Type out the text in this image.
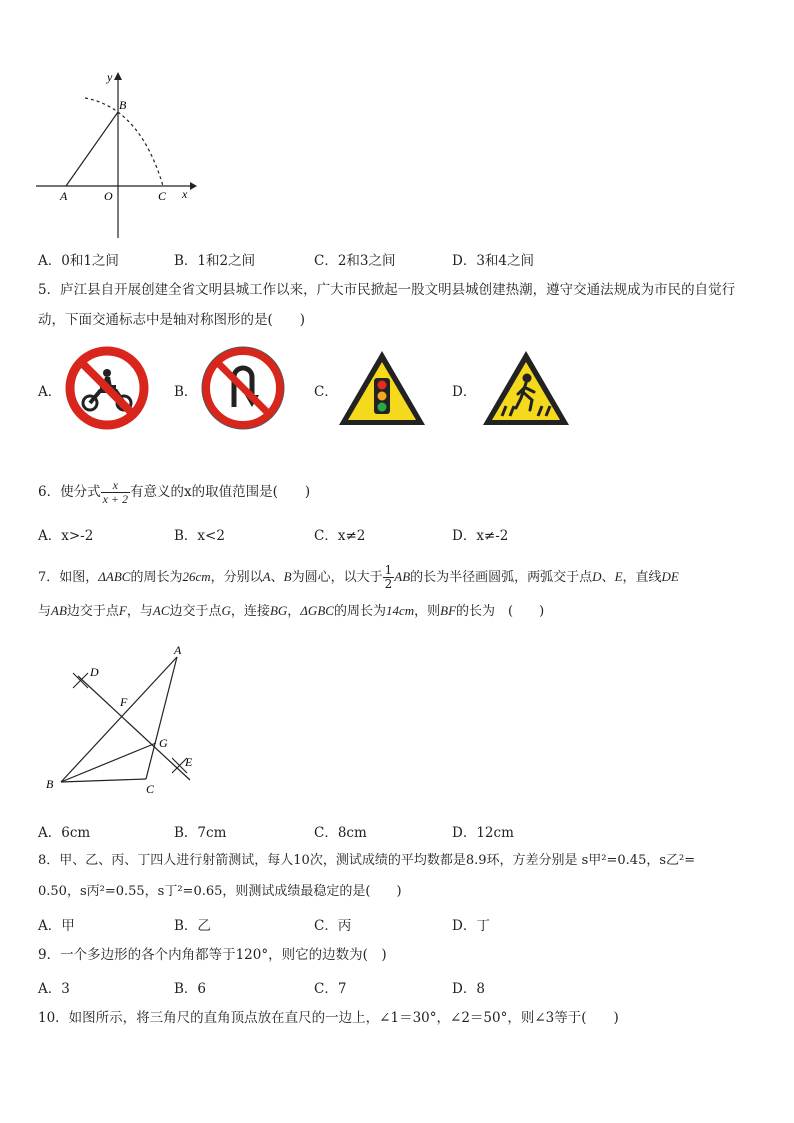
y
B
A	O	C x
A．0和1之间	B．1和2之间	C．2和3之间	D．3和4之间
5．庐江县自开展创建全省文明县城工作以来，广大市民掀起一股文明县城创建热潮，遵守交通法规成为市民的自觉行
动，下面交通标志中是轴对称图形的是(　　)
A．	B．	C．	D．
6．使分式 $\frac{x}{x + 2}$ 有意义的x的取值范围是(　　)
A．x>-2	B．x<2	C．x≠2	D．x≠-2
7．如图，ΔABC的周长为26cm，分别以A、B为圆心，以大于 $\frac{1}{2}$ AB的长为半径画圆弧，两弧交于点D、E，直线DE
与AB边交于点F，与AC边交于点G，连接BG，ΔGBC的周长为14cm，则BF的长为　(　　)
D
A
F
G
E
B	C
A．6cm	B．7cm	C．8cm	D．12cm
8．甲、乙、丙、丁四人进行射箭测试，每人10次，测试成绩的平均数都是8.9环，方差分别是 s甲²=0.45，s乙²=
0.50，s丙²=0.55，s丁²=0.65，则测试成绩最稳定的是(　　)
A．甲	B．乙	C．丙	D．丁
9．一个多边形的各个内角都等于120°，则它的边数为(　)
A．3	B．6	C．7	D．8
10．如图所示，将三角尺的直角顶点放在直尺的一边上，∠1＝30°，∠2＝50°，则∠3等于(　　)
